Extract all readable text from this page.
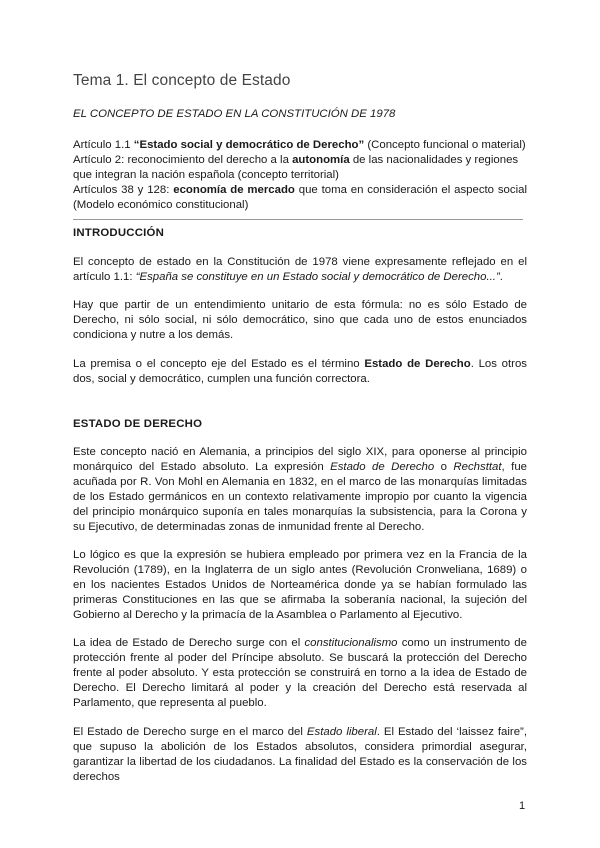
Tema 1. El concepto de Estado
EL CONCEPTO DE ESTADO EN LA CONSTITUCIÓN DE 1978
Artículo 1.1 “Estado social y democrático de Derecho” (Concepto funcional o material)
Artículo 2: reconocimiento del derecho a la autonomía de las nacionalidades y regiones que integran la nación española (concepto territorial)
Artículos 38 y 128: economía de mercado que toma en consideración el aspecto social (Modelo económico constitucional)
INTRODUCCIÓN
El concepto de estado en la Constitución de 1978 viene expresamente reflejado en el artículo 1.1: “España se constituye en un Estado social y democrático de Derecho...”.
Hay que partir de un entendimiento unitario de esta fórmula: no es sólo Estado de Derecho, ni sólo social, ni sólo democrático, sino que cada uno de estos enunciados condiciona y nutre a los demás.
La premisa o el concepto eje del Estado es el término Estado de Derecho. Los otros dos, social y democrático, cumplen una función correctora.
ESTADO DE DERECHO
Este concepto nació en Alemania, a principios del siglo XIX, para oponerse al principio monárquico del Estado absoluto. La expresión Estado de Derecho o Rechsttat, fue acuñada por R. Von Mohl en Alemania en 1832, en el marco de las monarquías limitadas de los Estado germánicos en un contexto relativamente impropio por cuanto la vigencia del principio monárquico suponía en tales monarquías la subsistencia, para la Corona y su Ejecutivo, de determinadas zonas de inmunidad frente al Derecho.
Lo lógico es que la expresión se hubiera empleado por primera vez en la Francia de la Revolución (1789), en la Inglaterra de un siglo antes (Revolución Cronweliana, 1689) o en los nacientes Estados Unidos de Norteamérica donde ya se habían formulado las primeras Constituciones en las que se afirmaba la soberanía nacional, la sujeción del Gobierno al Derecho y la primacía de la Asamblea o Parlamento al Ejecutivo.
La idea de Estado de Derecho surge con el constitucionalismo como un instrumento de protección frente al poder del Príncipe absoluto. Se buscará la protección del Derecho frente al poder absoluto. Y esta protección se construirá en torno a la idea de Estado de Derecho. El Derecho limitará al poder y la creación del Derecho está reservada al Parlamento, que representa al pueblo.
El Estado de Derecho surge en el marco del Estado liberal. El Estado del ‘laissez faire”, que supuso la abolición de los Estados absolutos, considera primordial asegurar, garantizar la libertad de los ciudadanos. La finalidad del Estado es la conservación de los derechos
1
